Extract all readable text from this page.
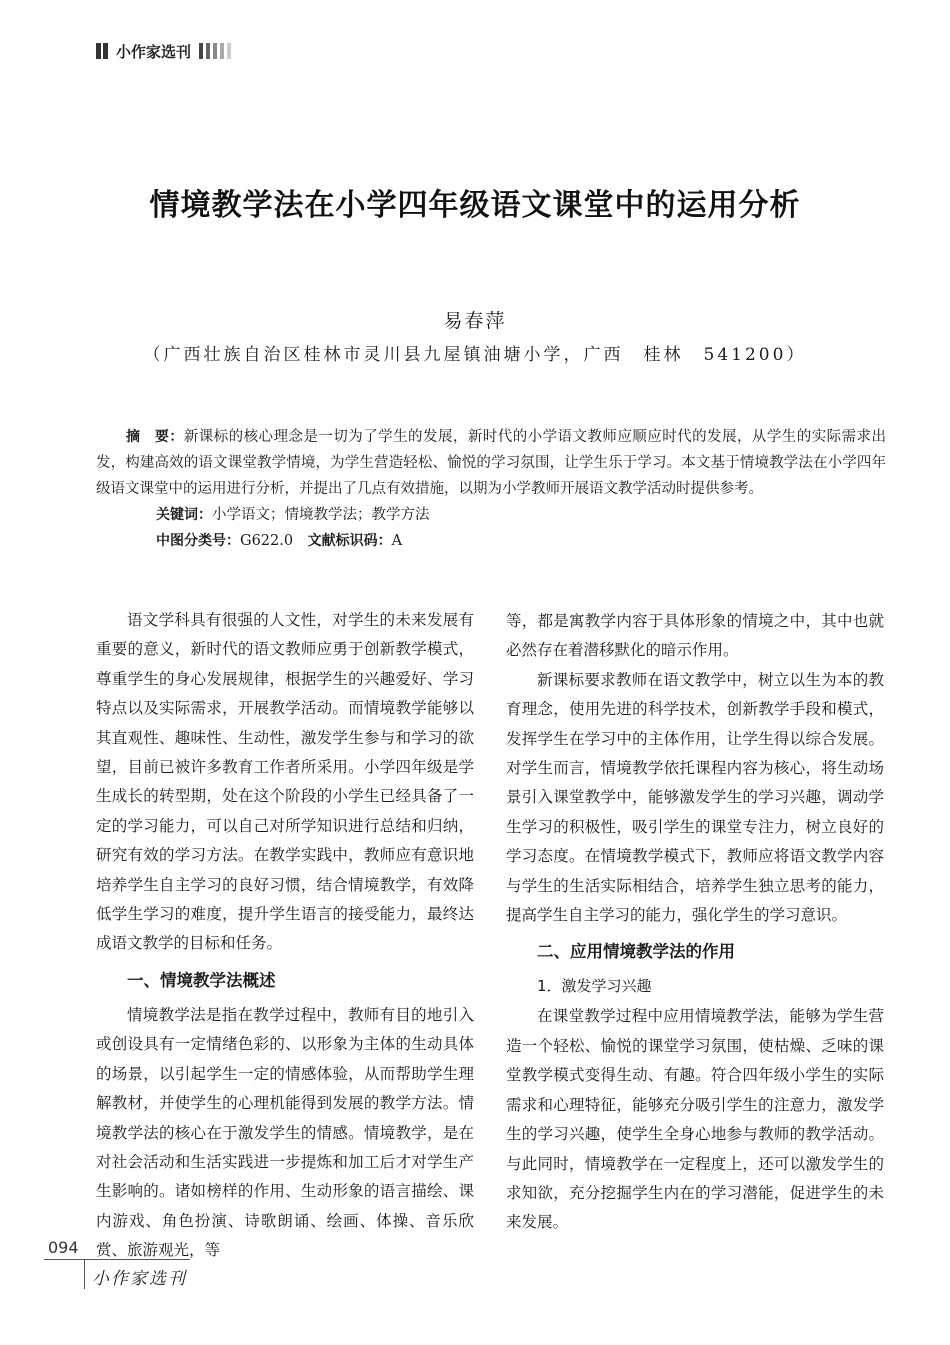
小作家选刊
情境教学法在小学四年级语文课堂中的运用分析
易春萍
（广西壮族自治区桂林市灵川县九屋镇油塘小学，广西　桂林　541200）

摘　要：新课标的核心理念是一切为了学生的发展，新时代的小学语文教师应顺应时代的发展，从学生的实际需求出发，构建高效的语文课堂教学情境，为学生营造轻松、愉悦的学习氛围，让学生乐于学习。本文基于情境教学法在小学四年级语文课堂中的运用进行分析，并提出了几点有效措施，以期为小学教师开展语文教学活动时提供参考。

关键词：小学语文；情境教学法；教学方法

中图分类号：G622.0　 文献标识码：A

语文学科具有很强的人文性，对学生的未来发展有重要的意义，新时代的语文教师应勇于创新教学模式，尊重学生的身心发展规律，根据学生的兴趣爱好、学习特点以及实际需求，开展教学活动。而情境教学能够以其直观性、趣味性、生动性，激发学生参与和学习的欲望，目前已被许多教育工作者所采用。小学四年级是学生成长的转型期，处在这个阶段的小学生已经具备了一定的学习能力，可以自己对所学知识进行总结和归纳，研究有效的学习方法。在教学实践中，教师应有意识地培养学生自主学习的良好习惯，结合情境教学，有效降低学生学习的难度，提升学生语言的接受能力，最终达成语文教学的目标和任务。

一、情境教学法概述

情境教学法是指在教学过程中，教师有目的地引入或创设具有一定情绪色彩的、以形象为主体的生动具体的场景，以引起学生一定的情感体验，从而帮助学生理解教材，并使学生的心理机能得到发展的教学方法。情境教学法的核心在于激发学生的情感。情境教学，是在对社会活动和生活实践进一步提炼和加工后才对学生产生影响的。诸如榜样的作用、生动形象的语言描绘、课内游戏、角色扮演、诗歌朗诵、绘画、体操、音乐欣赏、旅游观光，等

等，都是寓教学内容于具体形象的情境之中，其中也就必然存在着潜移默化的暗示作用。

新课标要求教师在语文教学中，树立以生为本的教育理念，使用先进的科学技术，创新教学手段和模式，发挥学生在学习中的主体作用，让学生得以综合发展。对学生而言，情境教学依托课程内容为核心，将生动场景引入课堂教学中，能够激发学生的学习兴趣，调动学生学习的积极性，吸引学生的课堂专注力，树立良好的学习态度。在情境教学模式下，教师应将语文教学内容与学生的生活实际相结合，培养学生独立思考的能力，提高学生自主学习的能力，强化学生的学习意识。

二、应用情境教学法的作用
1．激发学习兴趣

在课堂教学过程中应用情境教学法，能够为学生营造一个轻松、愉悦的课堂学习氛围，使枯燥、乏味的课堂教学模式变得生动、有趣。符合四年级小学生的实际需求和心理特征，能够充分吸引学生的注意力，激发学生的学习兴趣，使学生全身心地参与教师的教学活动。与此同时，情境教学在一定程度上，还可以激发学生的求知欲，充分挖掘学生内在的学习潜能，促进学生的未来发展。

094
小作家选刊
